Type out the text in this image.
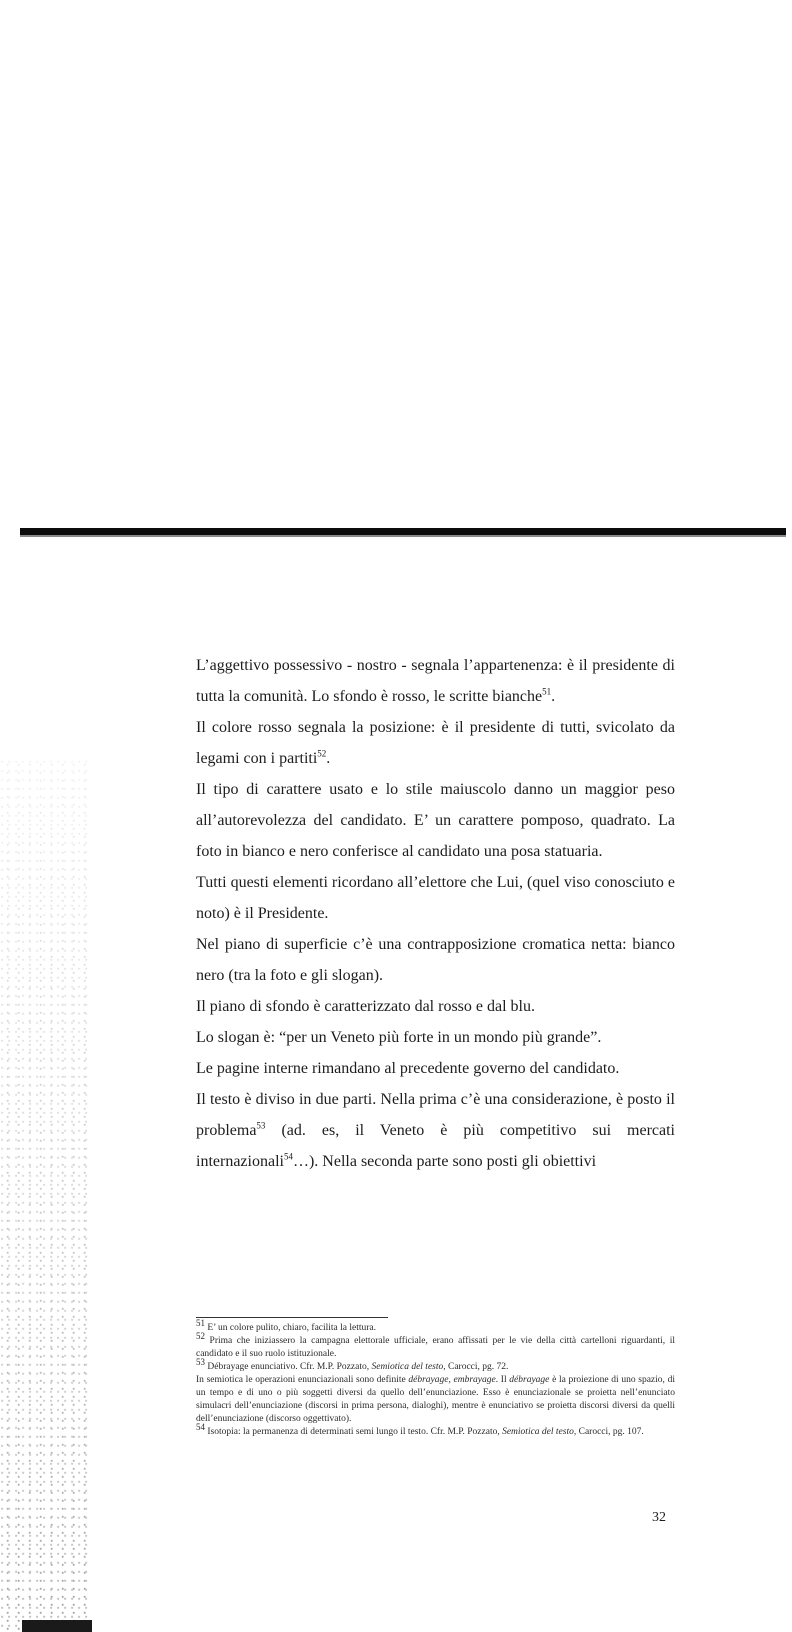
L’aggettivo possessivo - nostro - segnala l’appartenenza: è il presidente di tutta la comunità. Lo sfondo è rosso, le scritte bianche$^{51}$.

Il colore rosso segnala la posizione: è il presidente di tutti, svicolato da legami con i partiti$^{52}$.

Il tipo di carattere usato e lo stile maiuscolo danno un maggior peso all’autorevolezza del candidato. E’ un carattere pomposo, quadrato. La foto in bianco e nero conferisce al candidato una posa statuaria.

Tutti questi elementi ricordano all’elettore che Lui, (quel viso conosciuto e noto) è il Presidente.

Nel piano di superficie c’è una contrapposizione cromatica netta: bianco nero (tra la foto e gli slogan).

Il piano di sfondo è caratterizzato dal rosso e dal blu.

Lo slogan è: “per un Veneto più forte in un mondo più grande”.

Le pagine interne rimandano al precedente governo del candidato.

Il testo è diviso in due parti. Nella prima c’è una considerazione, è posto il problema$^{53}$ (ad. es, il Veneto è più competitivo sui mercati internazionali$^{54}$…). Nella seconda parte sono posti gli obiettivi

$^{51}$ E’ un colore pulito, chiaro, facilita la lettura.

$^{52}$ Prima che iniziassero la campagna elettorale ufficiale, erano affissati per le vie della città cartelloni riguardanti, il candidato e il suo ruolo istituzionale.

$^{53}$ Débrayage enunciativo. Cfr. M.P. Pozzato, Semiotica del testo, Carocci, pg. 72.

In semiotica le operazioni enunciazionali sono definite débrayage, embrayage. Il débrayage è la proiezione di uno spazio, di un tempo e di uno o più soggetti diversi da quello dell’enunciazione. Esso è enunciazionale se proietta nell’enunciato simulacri dell’enunciazione (discorsi in prima persona, dialoghi), mentre è enunciativo se proietta discorsi diversi da quelli dell’enunciazione (discorso oggettivato).

$^{54}$ Isotopia: la permanenza di determinati semi lungo il testo. Cfr. M.P. Pozzato, Semiotica del testo, Carocci, pg. 107.

32
